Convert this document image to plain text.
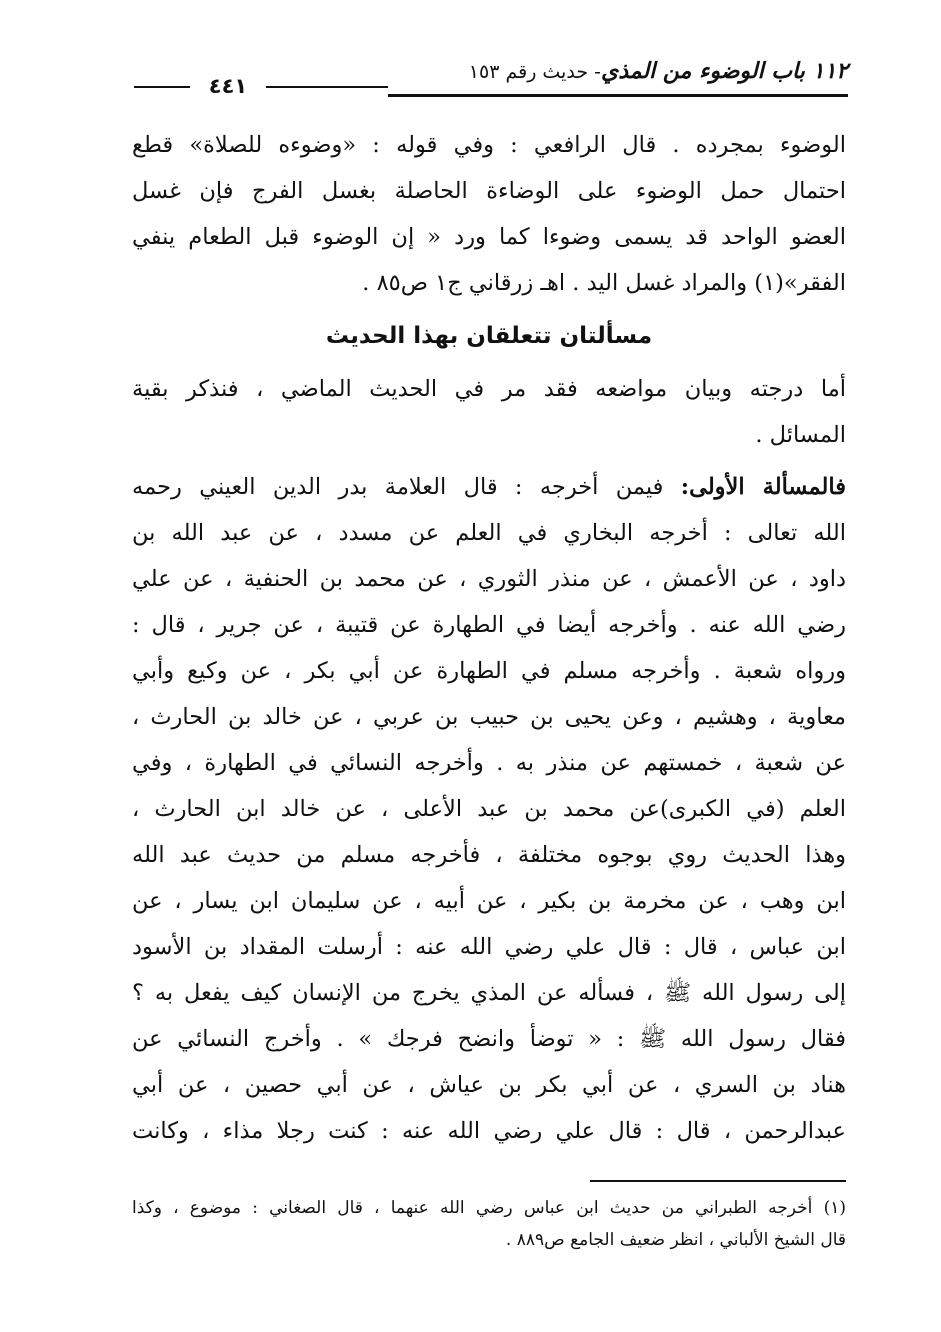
١١٢ باب الوضوء من المذي- حديث رقم ١٥٣
٤٤١
الوضوء بمجرده . قال الرافعي : وفي قوله : «وضوءه للصلاة» قطع
احتمال حمل الوضوء على الوضاءة الحاصلة بغسل الفرج فإن غسل
العضو الواحد قد يسمى وضوءا كما ورد « إن الوضوء قبل الطعام ينفي
الفقر»(١) والمراد غسل اليد . اهـ زرقاني ج١ ص٨٥ .
مسألتان تتعلقان بهذا الحديث
أما درجته وبيان مواضعه فقد مر في الحديث الماضي ، فنذكر بقية
المسائل .
فالمسألة الأولى: فيمن أخرجه : قال العلامة بدر الدين العيني رحمه
الله تعالى : أخرجه البخاري في العلم عن مسدد ، عن عبد الله بن
داود ، عن الأعمش ، عن منذر الثوري ، عن محمد بن الحنفية ، عن علي
رضي الله عنه . وأخرجه أيضا في الطهارة عن قتيبة ، عن جرير ، قال :
ورواه شعبة . وأخرجه مسلم في الطهارة عن أبي بكر ، عن وكيع وأبي
معاوية ، وهشيم ، وعن يحيى بن حبيب بن عربي ، عن خالد بن الحارث ،
عن شعبة ، خمستهم عن منذر به . وأخرجه النسائي في الطهارة ، وفي
العلم (في الكبرى)عن محمد بن عبد الأعلى ، عن خالد ابن الحارث ،
وهذا الحديث روي بوجوه مختلفة ، فأخرجه مسلم من حديث عبد الله
ابن وهب ، عن مخرمة بن بكير ، عن أبيه ، عن سليمان ابن يسار ، عن
ابن عباس ، قال : قال علي رضي الله عنه : أرسلت المقداد بن الأسود
إلى رسول الله ﷺ ، فسأله عن المذي يخرج من الإنسان كيف يفعل به ؟
فقال رسول الله ﷺ : « توضأ وانضح فرجك » . وأخرج النسائي عن
هناد بن السري ، عن أبي بكر بن عياش ، عن أبي حصين ، عن أبي
عبدالرحمن ، قال : قال علي رضي الله عنه : كنت رجلا مذاء ، وكانت
(١) أخرجه الطبراني من حديث ابن عباس رضي الله عنهما ، قال الصغاني : موضوع ، وكذا
قال الشيخ الألباني ، انظر ضعيف الجامع ص٨٨٩ .
